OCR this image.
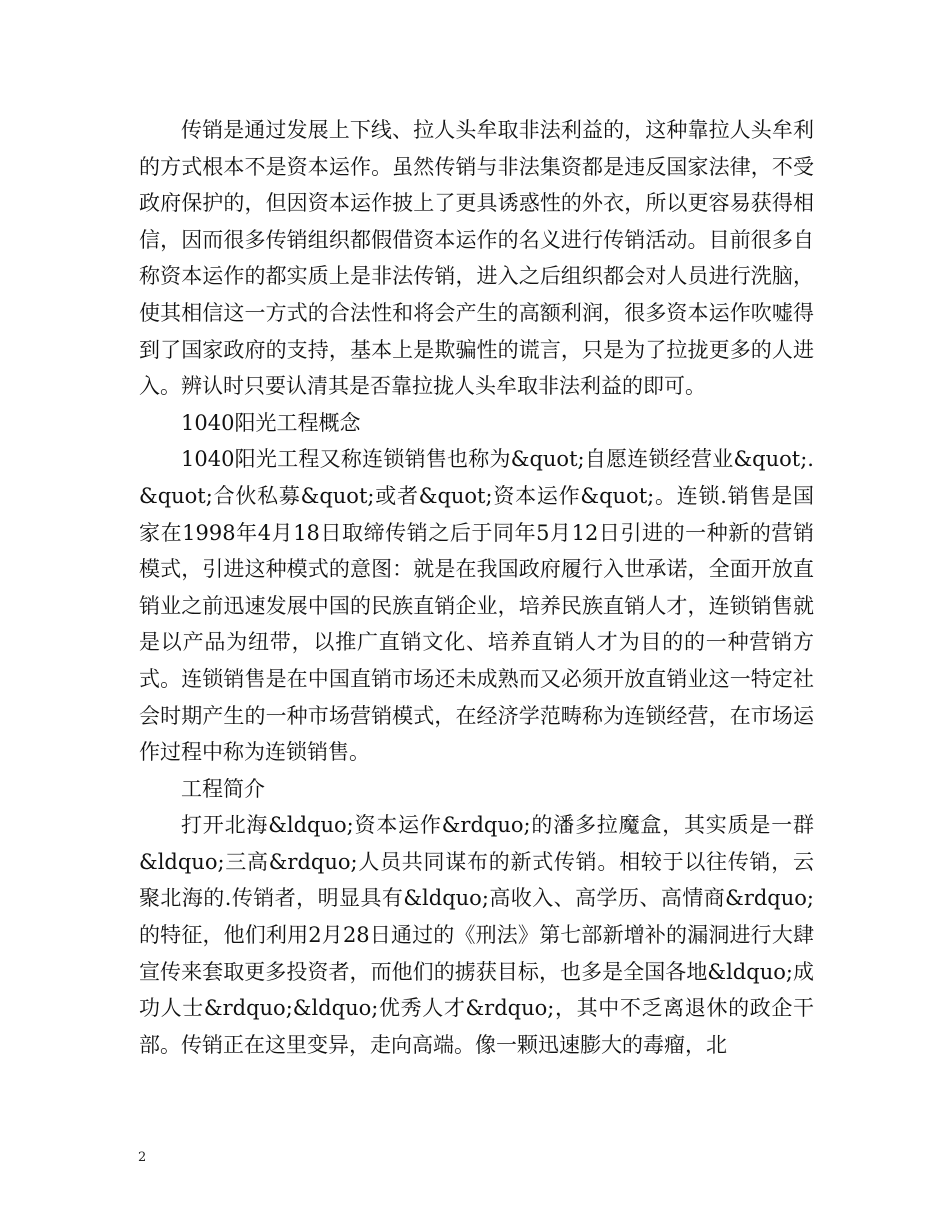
传销是通过发展上下线、拉人头牟取非法利益的，这种靠拉人头牟利的方式根本不是资本运作。虽然传销与非法集资都是违反国家法律，不受政府保护的，但因资本运作披上了更具诱惑性的外衣，所以更容易获得相信，因而很多传销组织都假借资本运作的名义进行传销活动。目前很多自称资本运作的都实质上是非法传销，进入之后组织都会对人员进行洗脑，使其相信这一方式的合法性和将会产生的高额利润，很多资本运作吹嘘得到了国家政府的支持，基本上是欺骗性的谎言，只是为了拉拢更多的人进入。辨认时只要认清其是否靠拉拢人头牟取非法利益的即可。

1040阳光工程概念

1040阳光工程又称连锁销售也称为&quot;自愿连锁经营业&quot;.&quot;合伙私募&quot;或者&quot;资本运作&quot;。连锁.销售是国家在1998年4月18日取缔传销之后于同年5月12日引进的一种新的营销模式，引进这种模式的意图：就是在我国政府履行入世承诺，全面开放直销业之前迅速发展中国的民族直销企业，培养民族直销人才，连锁销售就是以产品为纽带，以推广直销文化、培养直销人才为目的的一种营销方式。连锁销售是在中国直销市场还未成熟而又必须开放直销业这一特定社会时期产生的一种市场营销模式，在经济学范畴称为连锁经营，在市场运作过程中称为连锁销售。

工程简介

打开北海&ldquo;资本运作&rdquo;的潘多拉魔盒，其实质是一群&ldquo;三高&rdquo;人员共同谋布的新式传销。相较于以往传销，云聚北海的.传销者，明显具有&ldquo;高收入、高学历、高情商&rdquo;的特征，他们利用2月28日通过的《刑法》第七部新增补的漏洞进行大肆宣传来套取更多投资者，而他们的掳获目标，也多是全国各地&ldquo;成功人士&rdquo;&ldquo;优秀人才&rdquo;，其中不乏离退休的政企干部。传销正在这里变异，走向高端。像一颗迅速膨大的毒瘤，北

2
